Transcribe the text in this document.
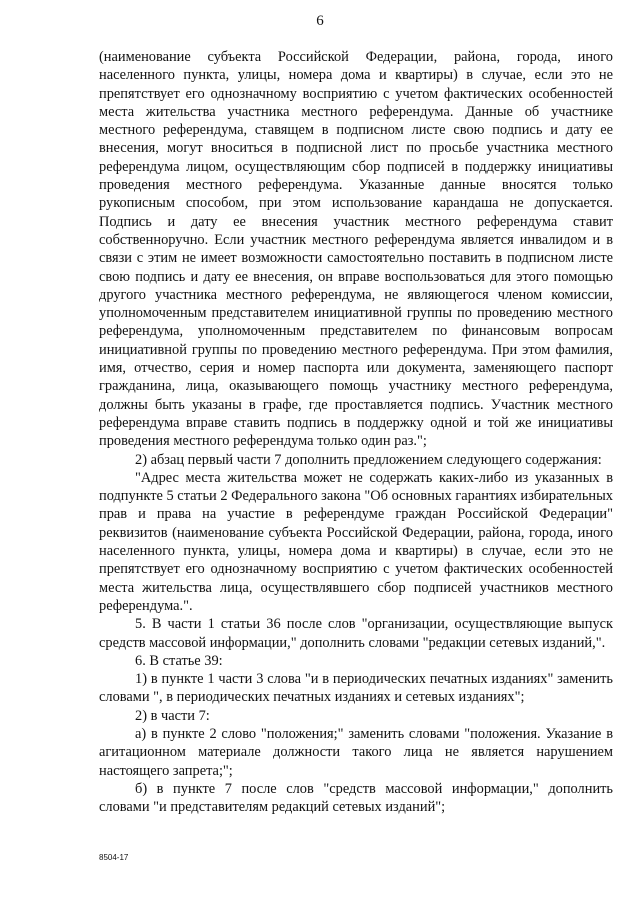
6

(наименование субъекта Российской Федерации, района, города, иного населенного пункта, улицы, номера дома и квартиры) в случае, если это не препятствует его однозначному восприятию с учетом фактических особенностей места жительства участника местного референдума. Данные об участнике местного референдума, ставящем в подписном листе свою подпись и дату ее внесения, могут вноситься в подписной лист по просьбе участника местного референдума лицом, осуществляющим сбор подписей в поддержку инициативы проведения местного референдума. Указанные данные вносятся только рукописным способом, при этом использование карандаша не допускается. Подпись и дату ее внесения участник местного референдума ставит собственноручно. Если участник местного референдума является инвалидом и в связи с этим не имеет возможности самостоятельно поставить в подписном листе свою подпись и дату ее внесения, он вправе воспользоваться для этого помощью другого участника местного референдума, не являющегося членом комиссии, уполномоченным представителем инициативной группы по проведению местного референдума, уполномоченным представителем по финансовым вопросам инициативной группы по проведению местного референдума. При этом фамилия, имя, отчество, серия и номер паспорта или документа, заменяющего паспорт гражданина, лица, оказывающего помощь участнику местного референдума, должны быть указаны в графе, где проставляется подпись. Участник местного референдума вправе ставить подпись в поддержку одной и той же инициативы проведения местного референдума только один раз.";

2) абзац первый части 7 дополнить предложением следующего содержания:

"Адрес места жительства может не содержать каких-либо из указанных в подпункте 5 статьи 2 Федерального закона "Об основных гарантиях избирательных прав и права на участие в референдуме граждан Российской Федерации" реквизитов (наименование субъекта Российской Федерации, района, города, иного населенного пункта, улицы, номера дома и квартиры) в случае, если это не препятствует его однозначному восприятию с учетом фактических особенностей места жительства лица, осуществлявшего сбор подписей участников местного референдума.".

5. В части 1 статьи 36 после слов "организации, осуществляющие выпуск средств массовой информации," дополнить словами "редакции сетевых изданий,".

6. В статье 39:

1) в пункте 1 части 3 слова "и в периодических печатных изданиях" заменить словами ", в периодических печатных изданиях и сетевых изданиях";

2) в части 7:

а) в пункте 2 слово "положения;" заменить словами "положения. Указание в агитационном материале должности такого лица не является нарушением настоящего запрета;";

б) в пункте 7 после слов "средств массовой информации," дополнить словами "и представителям редакций сетевых изданий";

8504-17
